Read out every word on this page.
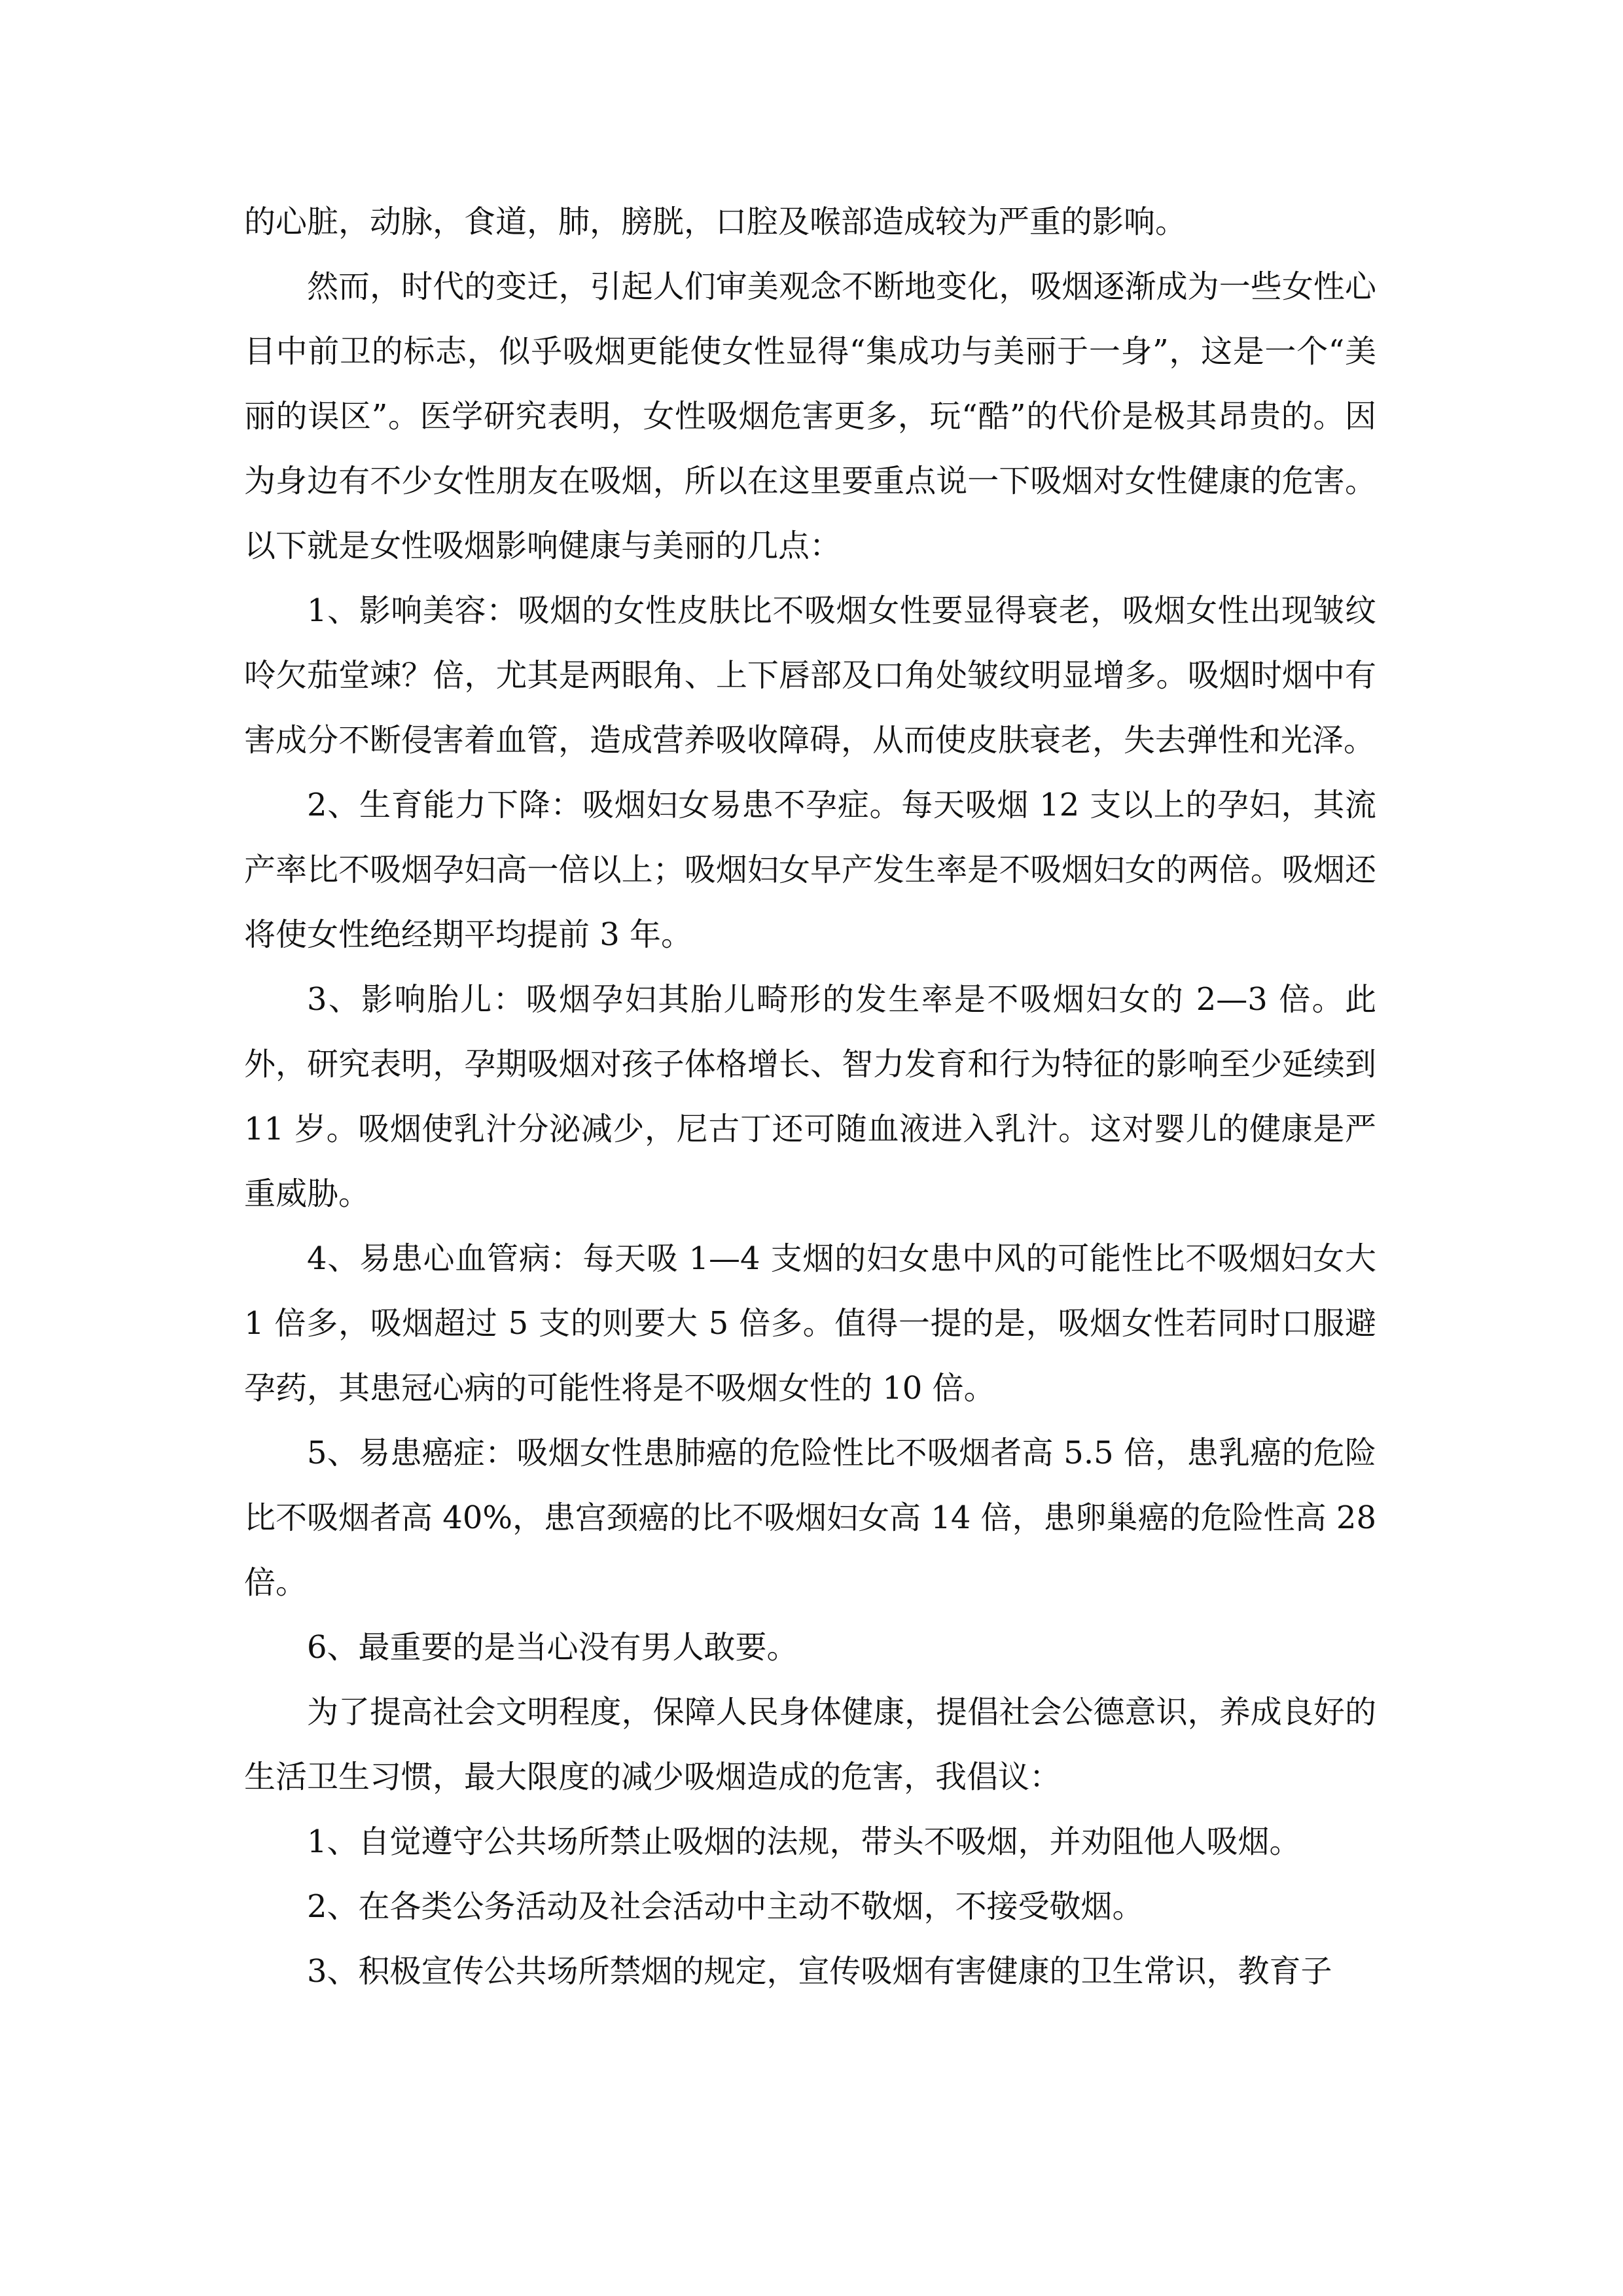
的心脏，动脉，食道，肺，膀胱，口腔及喉部造成较为严重的影响。

然而，时代的变迁，引起人们审美观念不断地变化，吸烟逐渐成为一些女性心目中前卫的标志，似乎吸烟更能使女性显得“集成功与美丽于一身”，这是一个“美丽的误区”。医学研究表明，女性吸烟危害更多，玩“酷”的代价是极其昂贵的。因为身边有不少女性朋友在吸烟，所以在这里要重点说一下吸烟对女性健康的危害。以下就是女性吸烟影响健康与美丽的几点：

1、影响美容：吸烟的女性皮肤比不吸烟女性要显得衰老，吸烟女性出现皱纹呤欠茄堂竦？倍，尤其是两眼角、上下唇部及口角处皱纹明显增多。吸烟时烟中有害成分不断侵害着血管，造成营养吸收障碍，从而使皮肤衰老，失去弹性和光泽。

2、生育能力下降：吸烟妇女易患不孕症。每天吸烟 12 支以上的孕妇，其流产率比不吸烟孕妇高一倍以上；吸烟妇女早产发生率是不吸烟妇女的两倍。吸烟还将使女性绝经期平均提前 3 年。

3、影响胎儿：吸烟孕妇其胎儿畸形的发生率是不吸烟妇女的 2—3 倍。此外，研究表明，孕期吸烟对孩子体格增长、智力发育和行为特征的影响至少延续到 11 岁。吸烟使乳汁分泌减少，尼古丁还可随血液进入乳汁。这对婴儿的健康是严重威胁。

4、易患心血管病：每天吸 1—4 支烟的妇女患中风的可能性比不吸烟妇女大 1 倍多，吸烟超过 5 支的则要大 5 倍多。值得一提的是，吸烟女性若同时口服避孕药，其患冠心病的可能性将是不吸烟女性的 10 倍。

5、易患癌症：吸烟女性患肺癌的危险性比不吸烟者高 5.5 倍，患乳癌的危险比不吸烟者高 40%，患宫颈癌的比不吸烟妇女高 14 倍，患卵巢癌的危险性高 28 倍。

6、最重要的是当心没有男人敢要。

为了提高社会文明程度，保障人民身体健康，提倡社会公德意识，养成良好的生活卫生习惯，最大限度的减少吸烟造成的危害，我倡议：

1、自觉遵守公共场所禁止吸烟的法规，带头不吸烟，并劝阻他人吸烟。

2、在各类公务活动及社会活动中主动不敬烟，不接受敬烟。

3、积极宣传公共场所禁烟的规定，宣传吸烟有害健康的卫生常识，教育子
